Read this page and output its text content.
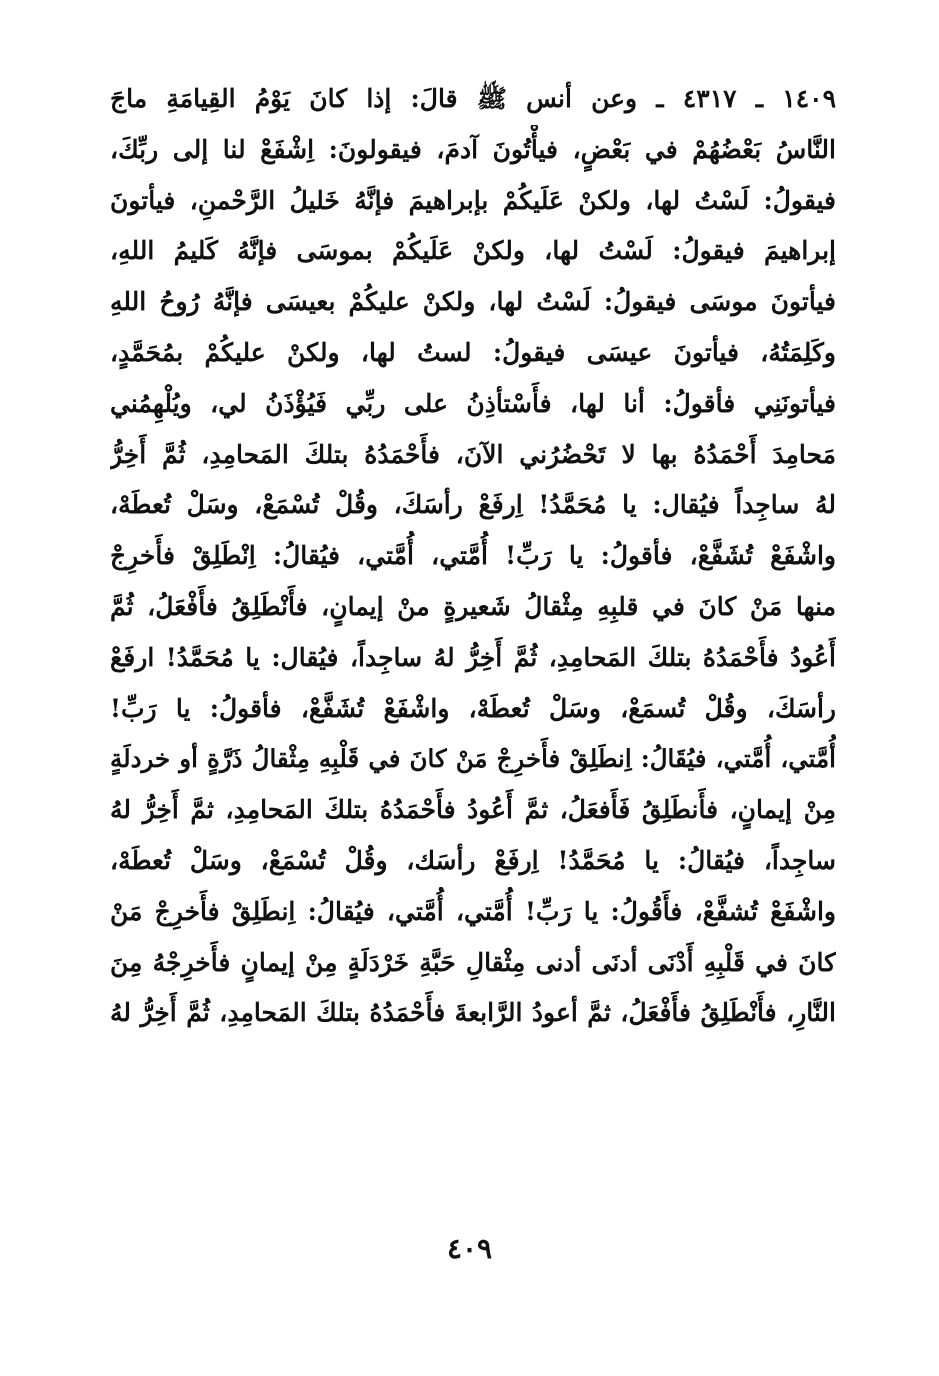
١٤٠٩ ـ ٤٣١٧ ـ وعن أنس ﷺ قالَ: إذا كانَ يَوْمُ القِيامَةِ ماجَ
النَّاسُ بَعْضُهُمْ في بَعْضٍ، فيأْتُونَ آدمَ، فيقولونَ: اِشْفَعْ لنا إلى ربِّكَ،
فيقولُ: لَسْتُ لها، ولكنْ عَلَيكُمْ بإبراهيمَ فإنَّهُ خَليلُ الرَّحْمنِ، فيأتونَ
إبراهيمَ فيقولُ: لَسْتُ لها، ولكنْ عَلَيكُمْ بموسَى فإنَّهُ كَليمُ اللهِ،
فيأتونَ موسَى فيقولُ: لَسْتُ لها، ولكنْ عليكُمْ بعيسَى فإنَّهُ رُوحُ اللهِ
وكَلِمَتُهُ، فيأتونَ عيسَى فيقولُ: لستُ لها، ولكنْ عليكُمْ بمُحَمَّدٍ،
فيأتونَنِي فأقولُ: أنا لها، فأَسْتأذِنُ على ربِّي فَيُؤْذَنُ لي، ويُلْهِمُني
مَحامِدَ أَحْمَدُهُ بها لا تَحْضُرُني الآنَ، فأَحْمَدُهُ بتلكَ المَحامِدِ، ثُمَّ أَخِرُّ
لهُ ساجِداً فيُقال: يا مُحَمَّدُ! اِرفَعْ رأسَكَ، وقُلْ تُسْمَعْ، وسَلْ تُعطَهْ،
واشْفَعْ تُشَفَّعْ، فأقولُ: يا رَبِّ! أُمَّتي، أُمَّتي، فيُقالُ: اِنْطَلِقْ فأَخرِجْ
منها مَنْ كانَ في قلبِهِ مِثْقالُ شَعيرةٍ منْ إيمانٍ، فأَنْطَلِقُ فأَفْعَلُ، ثُمَّ
أَعُودُ فأَحْمَدُهُ بتلكَ المَحامِدِ، ثُمَّ أَخِرُّ لهُ ساجِداً، فيُقال: يا مُحَمَّدُ! ارفَعْ
رأسَكَ، وقُلْ تُسمَعْ، وسَلْ تُعطَهْ، واشْفَعْ تُشَفَّعْ، فأقولُ: يا رَبِّ!
أُمَّتي، أُمَّتي، فيُقَالُ: اِنطَلِقْ فأَخرِجْ مَنْ كانَ في قَلْبِهِ مِثْقالُ ذَرَّةٍ أو خردلَةٍ
مِنْ إيمانٍ، فأَنطَلِقُ فَأَفعَلُ، ثمَّ أَعُودُ فأَحْمَدُهُ بتلكَ المَحامِدِ، ثمَّ أَخِرُّ لهُ
ساجِداً، فيُقالُ: يا مُحَمَّدُ! اِرفَعْ رأسَك، وقُلْ تُسْمَعْ، وسَلْ تُعطَهْ،
واشْفَعْ تُشفَّعْ، فأَقُولُ: يا رَبِّ! أُمَّتي، أُمَّتي، فيُقالُ: اِنطَلِقْ فأَخرِجْ مَنْ
كانَ في قَلْبِهِ أَدْنَى أدنَى أدنى مِثْقالِ حَبَّةِ خَرْدَلَةٍ مِنْ إيمانٍ فأَخرِجْهُ مِنَ
النَّارِ، فأَنْطَلِقُ فأَفْعَلُ، ثمَّ أعودُ الرَّابعةَ فأَحْمَدُهُ بتلكَ المَحامِدِ، ثُمَّ أَخِرُّ لهُ
٤٠٩
